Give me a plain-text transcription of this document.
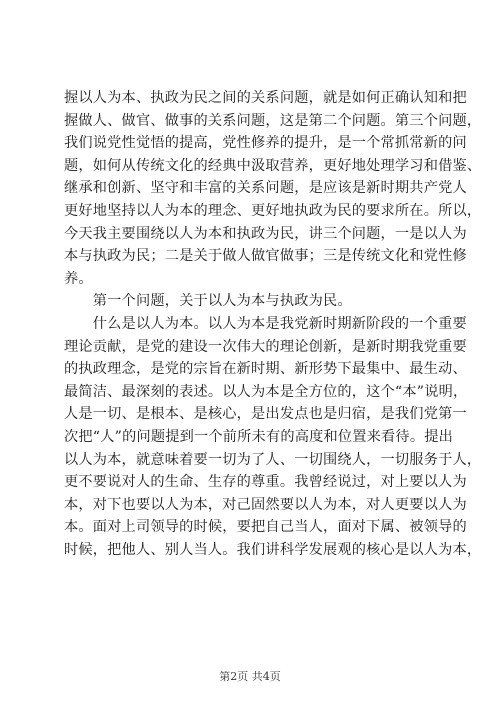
握以人为本、执政为民之间的关系问题，就是如何正确认知和把
握做人、做官、做事的关系问题，这是第二个问题。第三个问题，
我们说党性觉悟的提高，党性修养的提升，是一个常抓常新的问
题，如何从传统文化的经典中汲取营养，更好地处理学习和借鉴、
继承和创新、坚守和丰富的关系问题，是应该是新时期共产党人
更好地坚持以人为本的理念、更好地执政为民的要求所在。所以，
今天我主要围绕以人为本和执政为民，讲三个问题，一是以人为
本与执政为民；二是关于做人做官做事；三是传统文化和党性修
养。
　　第一个问题，关于以人为本与执政为民。
　　什么是以人为本。以人为本是我党新时期新阶段的一个重要
理论贡献，是党的建设一次伟大的理论创新，是新时期我党重要
的执政理念，是党的宗旨在新时期、新形势下最集中、最生动、
最简洁、最深刻的表述。以人为本是全方位的，这个“本”说明，
人是一切、是根本、是核心，是出发点也是归宿，是我们党第一
次把“人”的问题提到一个前所未有的高度和位置来看待。提出
以人为本，就意味着要一切为了人、一切围绕人，一切服务于人，
更不要说对人的生命、生存的尊重。我曾经说过，对上要以人为
本，对下也要以人为本，对己固然要以人为本，对人更要以人为
本。面对上司领导的时候，要把自己当人，面对下属、被领导的
时候，把他人、别人当人。我们讲科学发展观的核心是以人为本，
第2页 共4页
